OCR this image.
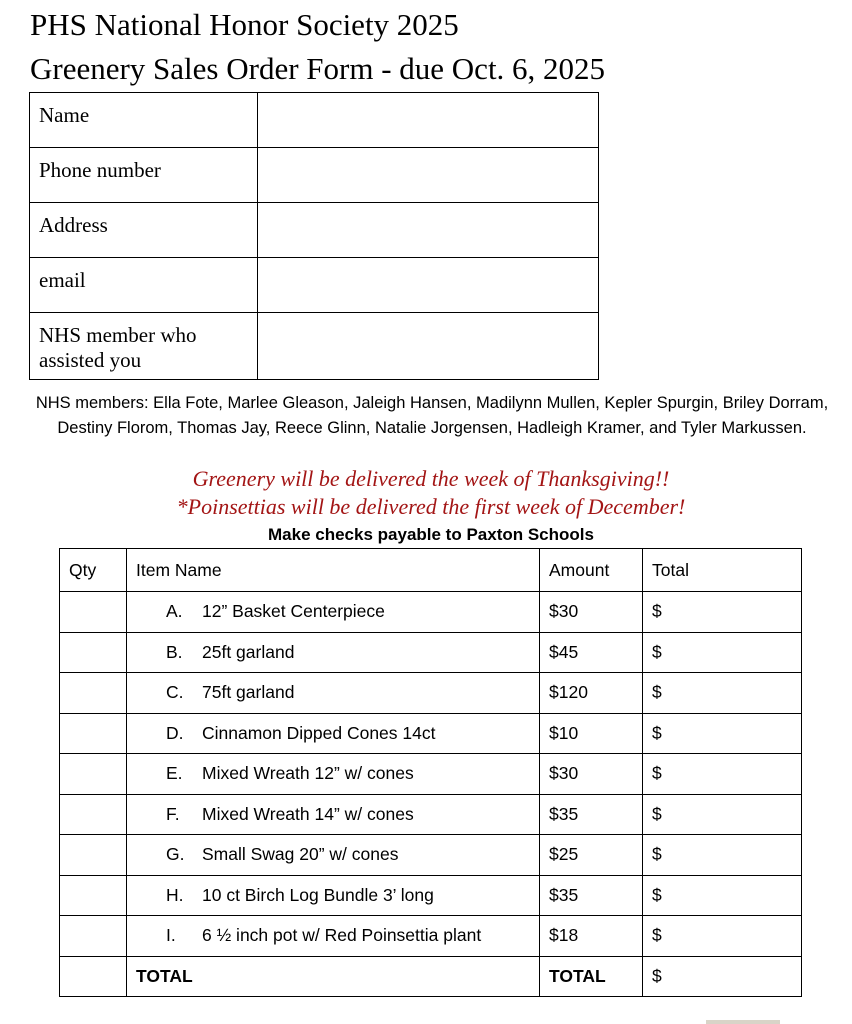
PHS National Honor Society 2025
Greenery Sales Order Form - due Oct. 6, 2025
Name	
Phone number	
Address	
email	
NHS member who assisted you	
NHS members: Ella Fote, Marlee Gleason, Jaleigh Hansen, Madilynn Mullen, Kepler Spurgin, Briley Dorram, Destiny Florom, Thomas Jay, Reece Glinn, Natalie Jorgensen, Hadleigh Kramer, and Tyler Markussen.
Greenery will be delivered the week of Thanksgiving!!
*Poinsettias will be delivered the first week of December!
Make checks payable to Paxton Schools
Qty	Item Name	Amount	Total
	A. 12” Basket Centerpiece	$30	$
	B. 25ft garland	$45	$
	C. 75ft garland	$120	$
	D. Cinnamon Dipped Cones 14ct	$10	$
	E. Mixed Wreath 12” w/ cones	$30	$
	F. Mixed Wreath 14” w/ cones	$35	$
	G. Small Swag 20” w/ cones	$25	$
	H. 10 ct Birch Log Bundle 3’ long	$35	$
	I. 6 ½ inch pot w/ Red Poinsettia plant	$18	$
	TOTAL	TOTAL	$
